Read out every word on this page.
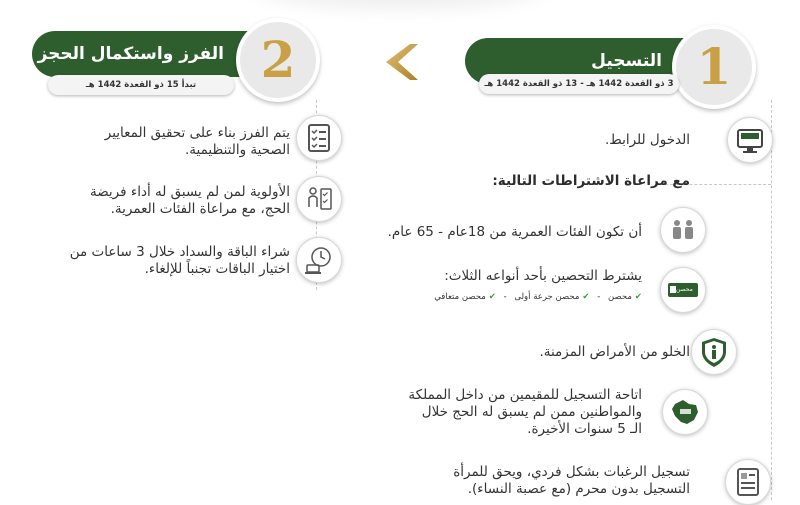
الفرز واستكمال الحجز 2
تبدأ 15 ذو القعدة 1442 هـ
التسجيل 1
3 ذو القعدة 1442 هـ - 13 ذو القعدة 1442 هـ
الدخول للرابط.
مع مراعاة الاشتراطات التالية:
أن تكون الفئات العمرية من 18عام - 65 عام.
محصن
يشترط التحصين بأحد أنواعه الثلاث:
✔محصن - ✔محصن جرعة أولى - ✔محصن متعافي
الخلو من الأمراض المزمنة.
اتاحة التسجيل للمقيمين من داخل المملكة
والمواطنين ممن لم يسبق له الحج خلال
الـ 5 سنوات الأخيرة.
تسجيل الرغبات بشكل فردي، ويحق للمرأة
التسجيل بدون محرم (مع عصبة النساء).
يتم الفرز بناء على تحقيق المعايير
الصحية والتنظيمية.
الأولوية لمن لم يسبق له أداء فريضة
الحج، مع مراعاة الفئات العمرية.
شراء الباقة والسداد خلال 3 ساعات من
اختيار الباقات تجنباً للإلغاء.
